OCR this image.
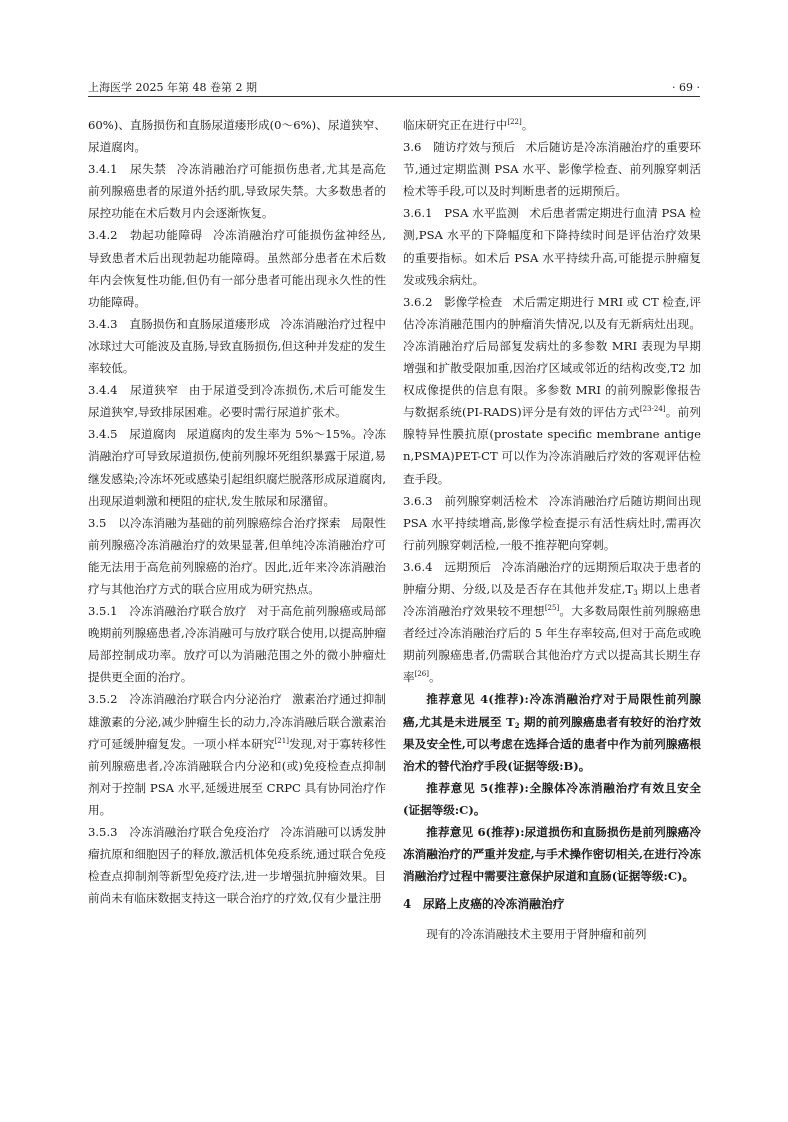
上海医学 2025 年第 48 卷第 2 期	· 69 ·

60%)、直肠损伤和直肠尿道瘘形成(0～6%)、尿道狭窄、尿道腐肉。

3.4.1　尿失禁 冷冻消融治疗可能损伤患者,尤其是高危前列腺癌患者的尿道外括约肌,导致尿失禁。大多数患者的尿控功能在术后数月内会逐渐恢复。

3.4.2　勃起功能障碍 冷冻消融治疗可能损伤盆神经丛,导致患者术后出现勃起功能障碍。虽然部分患者在术后数年内会恢复性功能,但仍有一部分患者可能出现永久性的性功能障碍。

3.4.3　直肠损伤和直肠尿道瘘形成 冷冻消融治疗过程中冰球过大可能波及直肠,导致直肠损伤,但这种并发症的发生率较低。

3.4.4　尿道狭窄 由于尿道受到冷冻损伤,术后可能发生尿道狭窄,导致排尿困难。必要时需行尿道扩张术。

3.4.5　尿道腐肉 尿道腐肉的发生率为 5%～15%。冷冻消融治疗可导致尿道损伤,使前列腺坏死组织暴露于尿道,易继发感染;冷冻坏死或感染引起组织腐烂脱落形成尿道腐肉,出现尿道刺激和梗阻的症状,发生脓尿和尿潴留。

3.5　以冷冻消融为基础的前列腺癌综合治疗探索 局限性前列腺癌冷冻消融治疗的效果显著,但单纯冷冻消融治疗可能无法用于高危前列腺癌的治疗。因此,近年来冷冻消融治疗与其他治疗方式的联合应用成为研究热点。

3.5.1　冷冻消融治疗联合放疗 对于高危前列腺癌或局部晚期前列腺癌患者,冷冻消融可与放疗联合使用,以提高肿瘤局部控制成功率。放疗可以为消融范围之外的微小肿瘤灶提供更全面的治疗。

3.5.2　冷冻消融治疗联合内分泌治疗 激素治疗通过抑制雄激素的分泌,减少肿瘤生长的动力,冷冻消融后联合激素治疗可延缓肿瘤复发。一项小样本研究[21]发现,对于寡转移性前列腺癌患者,冷冻消融联合内分泌和(或)免疫检查点抑制剂对于控制 PSA 水平,延缓进展至 CRPC 具有协同治疗作用。

3.5.3　冷冻消融治疗联合免疫治疗 冷冻消融可以诱发肿瘤抗原和细胞因子的释放,激活机体免疫系统,通过联合免疫检查点抑制剂等新型免疫疗法,进一步增强抗肿瘤效果。目前尚未有临床数据支持这一联合治疗的疗效,仅有少量注册

临床研究正在进行中[22]。

3.6　随访疗效与预后 术后随访是冷冻消融治疗的重要环节,通过定期监测 PSA 水平、影像学检查、前列腺穿刺活检术等手段,可以及时判断患者的远期预后。

3.6.1　PSA 水平监测 术后患者需定期进行血清 PSA 检测,PSA 水平的下降幅度和下降持续时间是评估治疗效果的重要指标。如术后 PSA 水平持续升高,可能提示肿瘤复发或残余病灶。

3.6.2　影像学检查 术后需定期进行 MRI 或 CT 检查,评估冷冻消融范围内的肿瘤消失情况,以及有无新病灶出现。冷冻消融治疗后局部复发病灶的多参数 MRI 表现为早期增强和扩散受限加重,因治疗区域或邻近的结构改变,T2 加权成像提供的信息有限。多参数 MRI 的前列腺影像报告与数据系统(PI-RADS)评分是有效的评估方式[23-24]。前列腺特异性膜抗原(prostate specific membrane antigen,PSMA)PET-CT 可以作为冷冻消融后疗效的客观评估检查手段。

3.6.3　前列腺穿刺活检术 冷冻消融治疗后随访期间出现 PSA 水平持续增高,影像学检查提示有活性病灶时,需再次行前列腺穿刺活检,一般不推荐靶向穿刺。

3.6.4　远期预后 冷冻消融治疗的远期预后取决于患者的肿瘤分期、分级,以及是否存在其他并发症$,T_3$ 期以上患者冷冻消融治疗效果较不理想[25]。大多数局限性前列腺癌患者经过冷冻消融治疗后的 5 年生存率较高,但对于高危或晚期前列腺癌患者,仍需联合其他治疗方式以提高其长期生存率[26]。

推荐意见 4(推荐):冷冻消融治疗对于局限性前列腺癌,尤其是未进展至 $T_2$ 期的前列腺癌患者有较好的治疗效果及安全性,可以考虑在选择合适的患者中作为前列腺癌根治术的替代治疗手段(证据等级:B)。

推荐意见 5(推荐):全腺体冷冻消融治疗有效且安全(证据等级:C)。

推荐意见 6(推荐):尿道损伤和直肠损伤是前列腺癌冷冻消融治疗的严重并发症,与手术操作密切相关,在进行冷冻消融治疗过程中需要注意保护尿道和直肠(证据等级:C)。

4　尿路上皮癌的冷冻消融治疗

现有的冷冻消融技术主要用于肾肿瘤和前列
